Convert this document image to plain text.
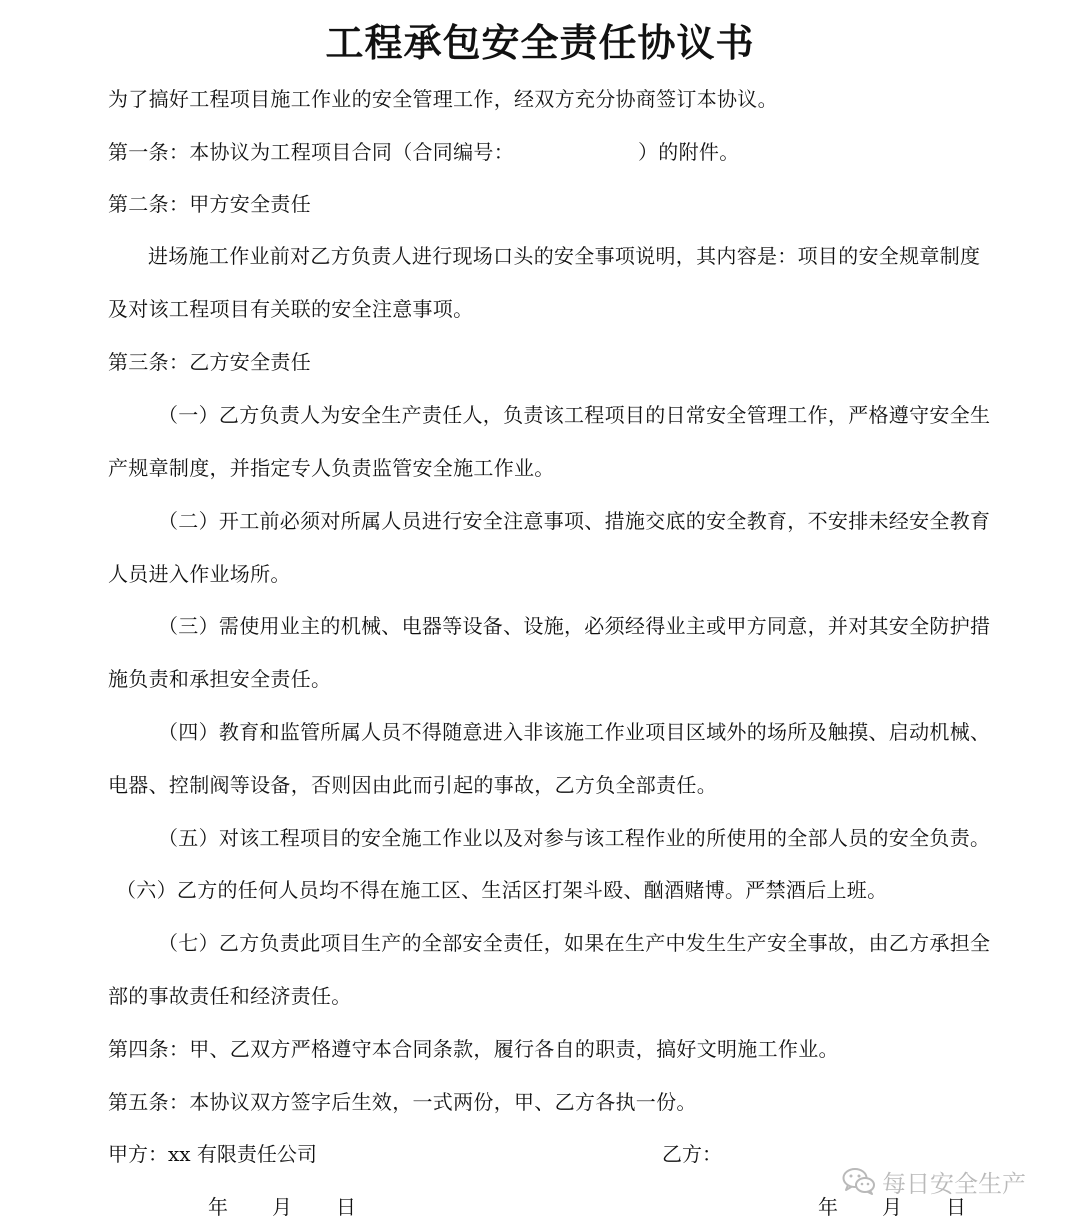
工程承包安全责任协议书
为了搞好工程项目施工作业的安全管理工作，经双方充分协商签订本协议。
第一条：本协议为工程项目合同（合同编号：	）的附件。
第二条：甲方安全责任
进场施工作业前对乙方负责人进行现场口头的安全事项说明，其内容是：项目的安全规章制度
及对该工程项目有关联的安全注意事项。
第三条：乙方安全责任
（一）乙方负责人为安全生产责任人，负责该工程项目的日常安全管理工作，严格遵守安全生
产规章制度，并指定专人负责监管安全施工作业。
（二）开工前必须对所属人员进行安全注意事项、措施交底的安全教育，不安排未经安全教育
人员进入作业场所。
（三）需使用业主的机械、电器等设备、设施，必须经得业主或甲方同意，并对其安全防护措
施负责和承担安全责任。
（四）教育和监管所属人员不得随意进入非该施工作业项目区域外的场所及触摸、启动机械、
电器、控制阀等设备，否则因由此而引起的事故，乙方负全部责任。
（五）对该工程项目的安全施工作业以及对参与该工程作业的所使用的全部人员的安全负责。
（六）乙方的任何人员均不得在施工区、生活区打架斗殴、酗酒赌博。严禁酒后上班。
（七）乙方负责此项目生产的全部安全责任，如果在生产中发生生产安全事故，由乙方承担全
部的事故责任和经济责任。
第四条：甲、乙双方严格遵守本合同条款，履行各自的职责，搞好文明施工作业。
第五条：本协议双方签字后生效，一式两份，甲、乙方各执一份。
甲方：xx 有限责任公司	乙方：
年 月 日	年 月 日
每日安全生产
